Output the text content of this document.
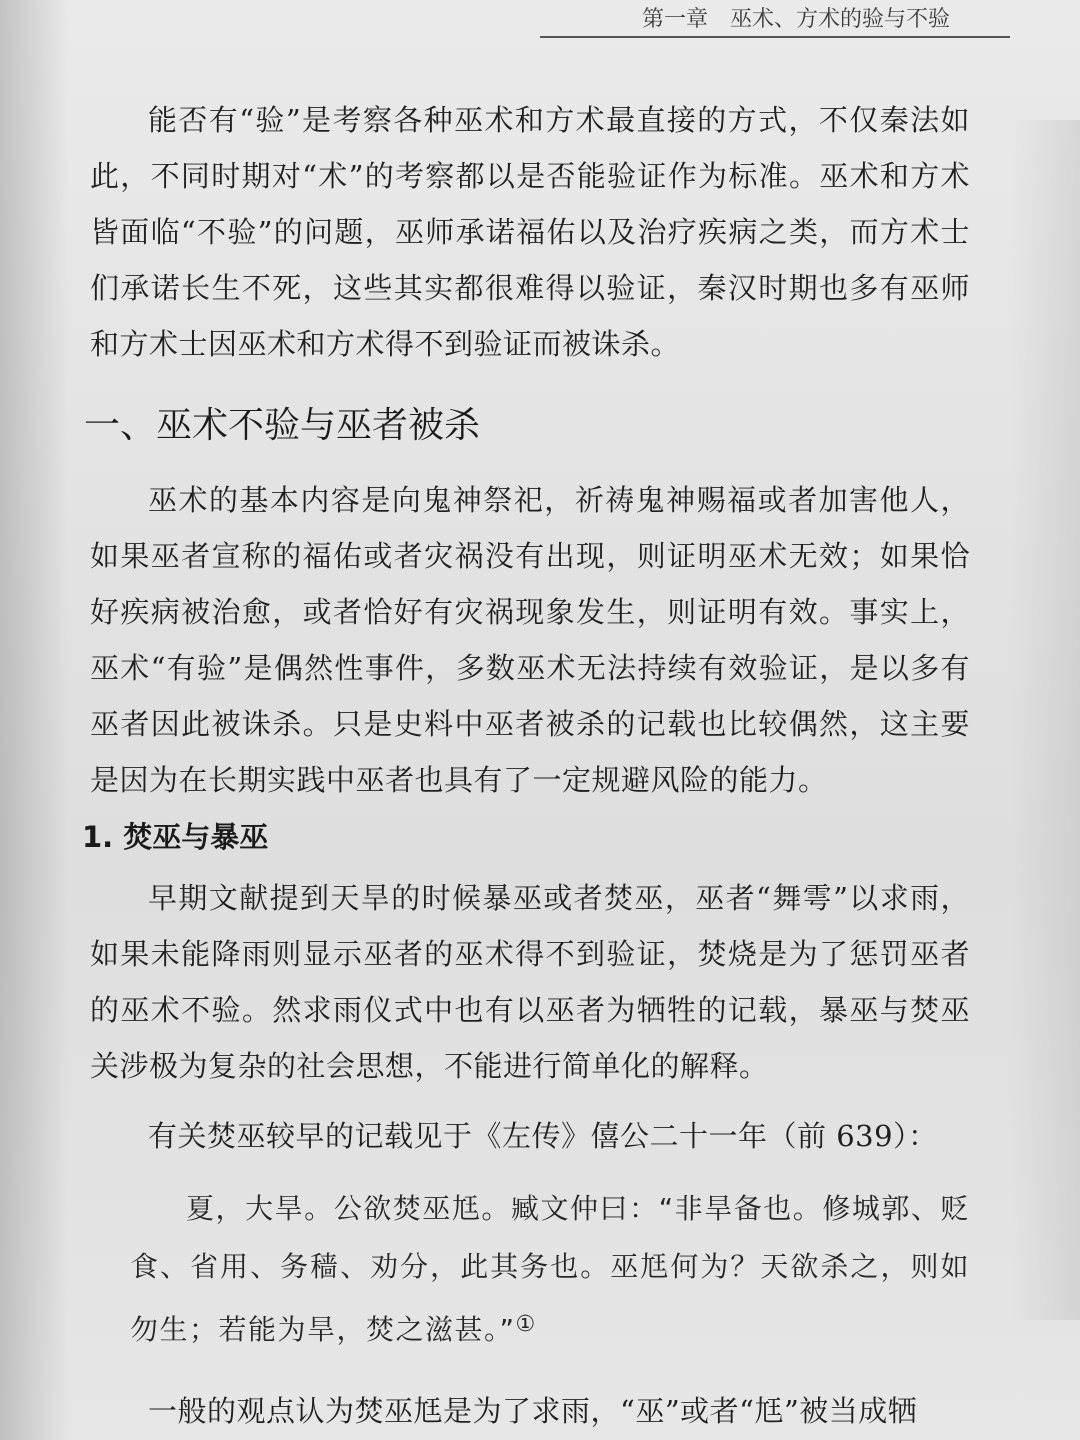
第一章 巫术、方术的验与不验

能否有“验”是考察各种巫术和方术最直接的方式，不仅秦法如此，不同时期对“术”的考察都以是否能验证作为标准。巫术和方术皆面临“不验”的问题，巫师承诺福佑以及治疗疾病之类，而方术士们承诺长生不死，这些其实都很难得以验证，秦汉时期也多有巫师和方术士因巫术和方术得不到验证而被诛杀。

一、巫术不验与巫者被杀

巫术的基本内容是向鬼神祭祀，祈祷鬼神赐福或者加害他人，如果巫者宣称的福佑或者灾祸没有出现，则证明巫术无效；如果恰好疾病被治愈，或者恰好有灾祸现象发生，则证明有效。事实上，巫术“有验”是偶然性事件，多数巫术无法持续有效验证，是以多有巫者因此被诛杀。只是史料中巫者被杀的记载也比较偶然，这主要是因为在长期实践中巫者也具有了一定规避风险的能力。

1. 焚巫与暴巫

早期文献提到天旱的时候暴巫或者焚巫，巫者“舞雩”以求雨，如果未能降雨则显示巫者的巫术得不到验证，焚烧是为了惩罚巫者的巫术不验。然求雨仪式中也有以巫者为牺牲的记载，暴巫与焚巫关涉极为复杂的社会思想，不能进行简单化的解释。

有关焚巫较早的记载见于《左传》僖公二十一年（前 639）：

夏，大旱。公欲焚巫尪。臧文仲曰：“非旱备也。修城郭、贬食、省用、务穑、劝分，此其务也。巫尪何为？天欲杀之，则如勿生；若能为旱，焚之滋甚。”①

一般的观点认为焚巫尪是为了求雨，“巫”或者“尪”被当成牺
